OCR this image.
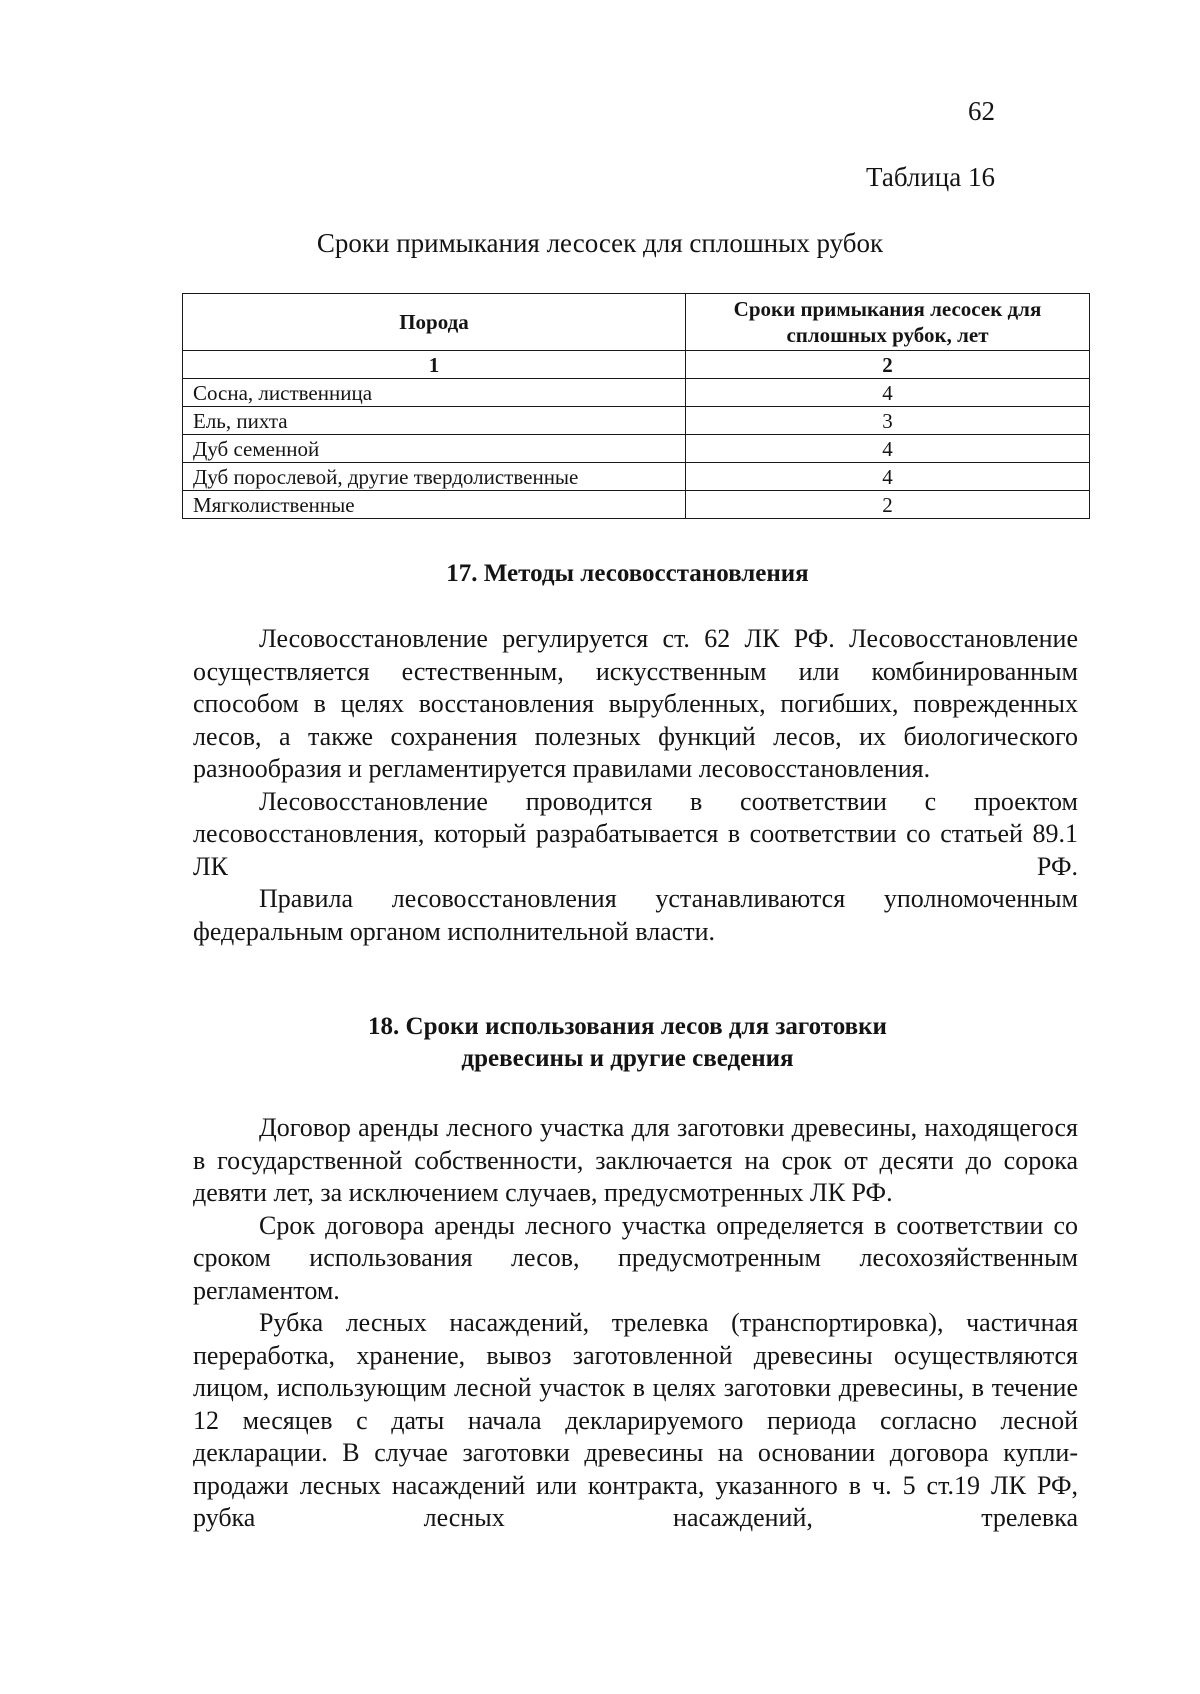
62
Таблица 16
Сроки примыкания лесосек для сплошных рубок
Порода	Сроки примыкания лесосек для сплошных рубок, лет
1	2
Сосна, лиственница	4
Ель, пихта	3
Дуб семенной	4
Дуб порослевой, другие твердолиственные	4
Мягколиственные	2
17. Методы лесовосстановления

Лесовосстановление регулируется ст. 62 ЛК РФ. Лесовосстановление осуществляется естественным, искусственным или комбинированным способом в целях восстановления вырубленных, погибших, поврежденных лесов, а также сохранения полезных функций лесов, их биологического разнообразия и регламентируется правилами лесовосстановления.

Лесовосстановление проводится в соответствии с проектом лесовосстановления, который разрабатывается в соответствии со статьей 89.1 ЛК РФ.

Правила лесовосстановления устанавливаются уполномоченным федеральным органом исполнительной власти.

18. Сроки использования лесов для заготовки
древесины и другие сведения

Договор аренды лесного участка для заготовки древесины, находящегося в государственной собственности, заключается на срок от десяти до сорока девяти лет, за исключением случаев, предусмотренных ЛК РФ.

Срок договора аренды лесного участка определяется в соответствии со сроком использования лесов, предусмотренным лесохозяйственным регламентом.

Рубка лесных насаждений, трелевка (транспортировка), частичная переработка, хранение, вывоз заготовленной древесины осуществляются лицом, использующим лесной участок в целях заготовки древесины, в течение 12 месяцев с даты начала декларируемого периода согласно лесной декларации. В случае заготовки древесины на основании договора купли-продажи лесных насаждений или контракта, указанного в ч. 5 ст.19 ЛК РФ, рубка лесных насаждений, трелевка
